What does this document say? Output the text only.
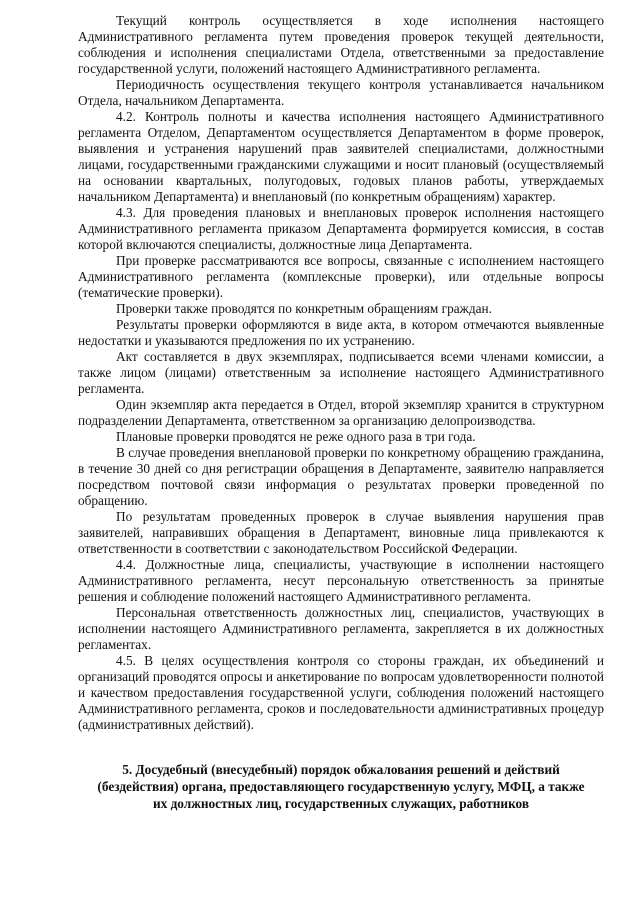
Текущий контроль осуществляется в ходе исполнения настоящего Административного регламента путем проведения проверок текущей деятельности, соблюдения и исполнения специалистами Отдела, ответственными за предоставление государственной услуги, положений настоящего Административного регламента.

Периодичность осуществления текущего контроля устанавливается начальником Отдела, начальником Департамента.

4.2. Контроль полноты и качества исполнения настоящего Административного регламента Отделом, Департаментом осуществляется Департаментом в форме проверок, выявления и устранения нарушений прав заявителей специалистами, должностными лицами, государственными гражданскими служащими и носит плановый (осуществляемый на основании квартальных, полугодовых, годовых планов работы, утверждаемых начальником Департамента) и внеплановый (по конкретным обращениям) характер.

4.3. Для проведения плановых и внеплановых проверок исполнения настоящего Административного регламента приказом Департамента формируется комиссия, в состав которой включаются специалисты, должностные лица Департамента.

При проверке рассматриваются все вопросы, связанные с исполнением настоящего Административного регламента (комплексные проверки), или отдельные вопросы (тематические проверки).

Проверки также проводятся по конкретным обращениям граждан.

Результаты проверки оформляются в виде акта, в котором отмечаются выявленные недостатки и указываются предложения по их устранению.

Акт составляется в двух экземплярах, подписывается всеми членами комиссии, а также лицом (лицами) ответственным за исполнение настоящего Административного регламента.

Один экземпляр акта передается в Отдел, второй экземпляр хранится в структурном подразделении Департамента, ответственном за организацию делопроизводства.

Плановые проверки проводятся не реже одного раза в три года.

В случае проведения внеплановой проверки по конкретному обращению гражданина, в течение 30 дней со дня регистрации обращения в Департаменте, заявителю направляется посредством почтовой связи информация о результатах проверки проведенной по обращению.

По результатам проведенных проверок в случае выявления нарушения прав заявителей, направивших обращения в Департамент, виновные лица привлекаются к ответственности в соответствии с законодательством Российской Федерации.

4.4. Должностные лица, специалисты, участвующие в исполнении настоящего Административного регламента, несут персональную ответственность за принятые решения и соблюдение положений настоящего Административного регламента.

Персональная ответственность должностных лиц, специалистов, участвующих в исполнении настоящего Административного регламента, закрепляется в их должностных регламентах.

4.5. В целях осуществления контроля со стороны граждан, их объединений и организаций проводятся опросы и анкетирование по вопросам удовлетворенности полнотой и качеством предоставления государственной услуги, соблюдения положений настоящего Административного регламента, сроков и последовательности административных процедур (административных действий).

5. Досудебный (внесудебный) порядок обжалования решений и действий
(бездействия) органа, предоставляющего государственную услугу, МФЦ, а также
их должностных лиц, государственных служащих, работников
